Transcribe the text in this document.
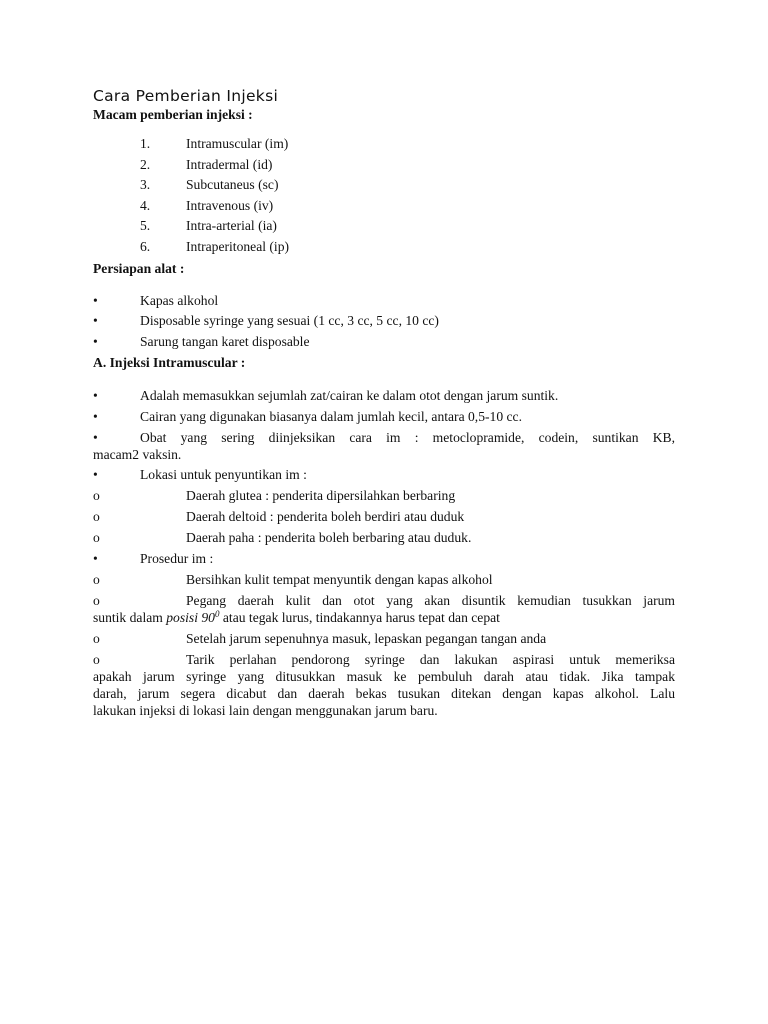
Cara Pemberian Injeksi
Macam pemberian injeksi :
1.	Intramuscular (im)
2.	Intradermal (id)
3.	Subcutaneus (sc)
4.	Intravenous (iv)
5.	Intra-arterial (ia)
6.	Intraperitoneal (ip)
Persiapan alat :
•	Kapas alkohol
•	Disposable syringe yang sesuai (1 cc, 3 cc, 5 cc, 10 cc)
•	Sarung tangan karet disposable
A. Injeksi Intramuscular :
•	Adalah memasukkan sejumlah zat/cairan ke dalam otot dengan jarum suntik.
•	Cairan yang digunakan biasanya dalam jumlah kecil, antara 0,5-10 cc.
•	Obat yang sering diinjeksikan cara im : metoclopramide, codein, suntikan KB,
macam2 vaksin.
•	Lokasi untuk penyuntikan im :
o	Daerah glutea : penderita dipersilahkan berbaring
o	Daerah deltoid : penderita boleh berdiri atau duduk
o	Daerah paha : penderita boleh berbaring atau duduk.
•	Prosedur im :
o	Bersihkan kulit tempat menyuntik dengan kapas alkohol
o	Pegang daerah kulit dan otot yang akan disuntik kemudian tusukkan jarum
suntik dalam posisi $90^0$ atau tegak lurus, tindakannya harus tepat dan cepat
o	Setelah jarum sepenuhnya masuk, lepaskan pegangan tangan anda
o	Tarik perlahan pendorong syringe dan lakukan aspirasi untuk memeriksa
apakah jarum syringe yang ditusukkan masuk ke pembuluh darah atau tidak. Jika tampak
darah, jarum segera dicabut dan daerah bekas tusukan ditekan dengan kapas alkohol. Lalu
lakukan injeksi di lokasi lain dengan menggunakan jarum baru.
